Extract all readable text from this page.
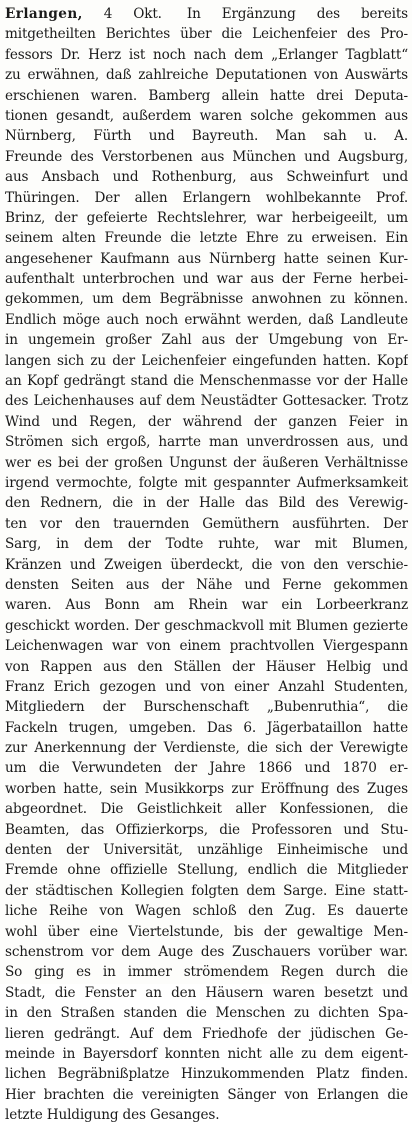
Erlangen, 4 Okt. In Ergänzung des bereits
mitgetheilten Berichtes über die Leichenfeier des Pro-
fessors Dr. Herz ist noch nach dem „Erlanger Tagblatt“
zu erwähnen, daß zahlreiche Deputationen von Auswärts
erschienen waren. Bamberg allein hatte drei Deputa-
tionen gesandt, außerdem waren solche gekommen aus
Nürnberg, Fürth und Bayreuth. Man sah u. A.
Freunde des Verstorbenen aus München und Augsburg,
aus Ansbach und Rothenburg, aus Schweinfurt und
Thüringen. Der allen Erlangern wohlbekannte Prof.
Brinz, der gefeierte Rechtslehrer, war herbeigeeilt, um
seinem alten Freunde die letzte Ehre zu erweisen. Ein
angesehener Kaufmann aus Nürnberg hatte seinen Kur-
aufenthalt unterbrochen und war aus der Ferne herbei-
gekommen, um dem Begräbnisse anwohnen zu können.
Endlich möge auch noch erwähnt werden, daß Landleute
in ungemein großer Zahl aus der Umgebung von Er-
langen sich zu der Leichenfeier eingefunden hatten. Kopf
an Kopf gedrängt stand die Menschenmasse vor der Halle
des Leichenhauses auf dem Neustädter Gottesacker. Trotz
Wind und Regen, der während der ganzen Feier in
Strömen sich ergoß, harrte man unverdrossen aus, und
wer es bei der großen Ungunst der äußeren Verhältnisse
irgend vermochte, folgte mit gespannter Aufmerksamkeit
den Rednern, die in der Halle das Bild des Verewig-
ten vor den trauernden Gemüthern ausführten. Der
Sarg, in dem der Todte ruhte, war mit Blumen,
Kränzen und Zweigen überdeckt, die von den verschie-
densten Seiten aus der Nähe und Ferne gekommen
waren. Aus Bonn am Rhein war ein Lorbeerkranz
geschickt worden. Der geschmackvoll mit Blumen gezierte
Leichenwagen war von einem prachtvollen Viergespann
von Rappen aus den Ställen der Häuser Helbig und
Franz Erich gezogen und von einer Anzahl Studenten,
Mitgliedern der Burschenschaft „Bubenruthia“, die
Fackeln trugen, umgeben. Das 6. Jägerbataillon hatte
zur Anerkennung der Verdienste, die sich der Verewigte
um die Verwundeten der Jahre 1866 und 1870 er-
worben hatte, sein Musikkorps zur Eröffnung des Zuges
abgeordnet. Die Geistlichkeit aller Konfessionen, die
Beamten, das Offizierkorps, die Professoren und Stu-
denten der Universität, unzählige Einheimische und
Fremde ohne offizielle Stellung, endlich die Mitglieder
der städtischen Kollegien folgten dem Sarge. Eine statt-
liche Reihe von Wagen schloß den Zug. Es dauerte
wohl über eine Viertelstunde, bis der gewaltige Men-
schenstrom vor dem Auge des Zuschauers vorüber war.
So ging es in immer strömendem Regen durch die
Stadt, die Fenster an den Häusern waren besetzt und
in den Straßen standen die Menschen zu dichten Spa-
lieren gedrängt. Auf dem Friedhofe der jüdischen Ge-
meinde in Bayersdorf konnten nicht alle zu dem eigent-
lichen Begräbnißplatze Hinzukommenden Platz finden.
Hier brachten die vereinigten Sänger von Erlangen die
letzte Huldigung des Gesanges.
